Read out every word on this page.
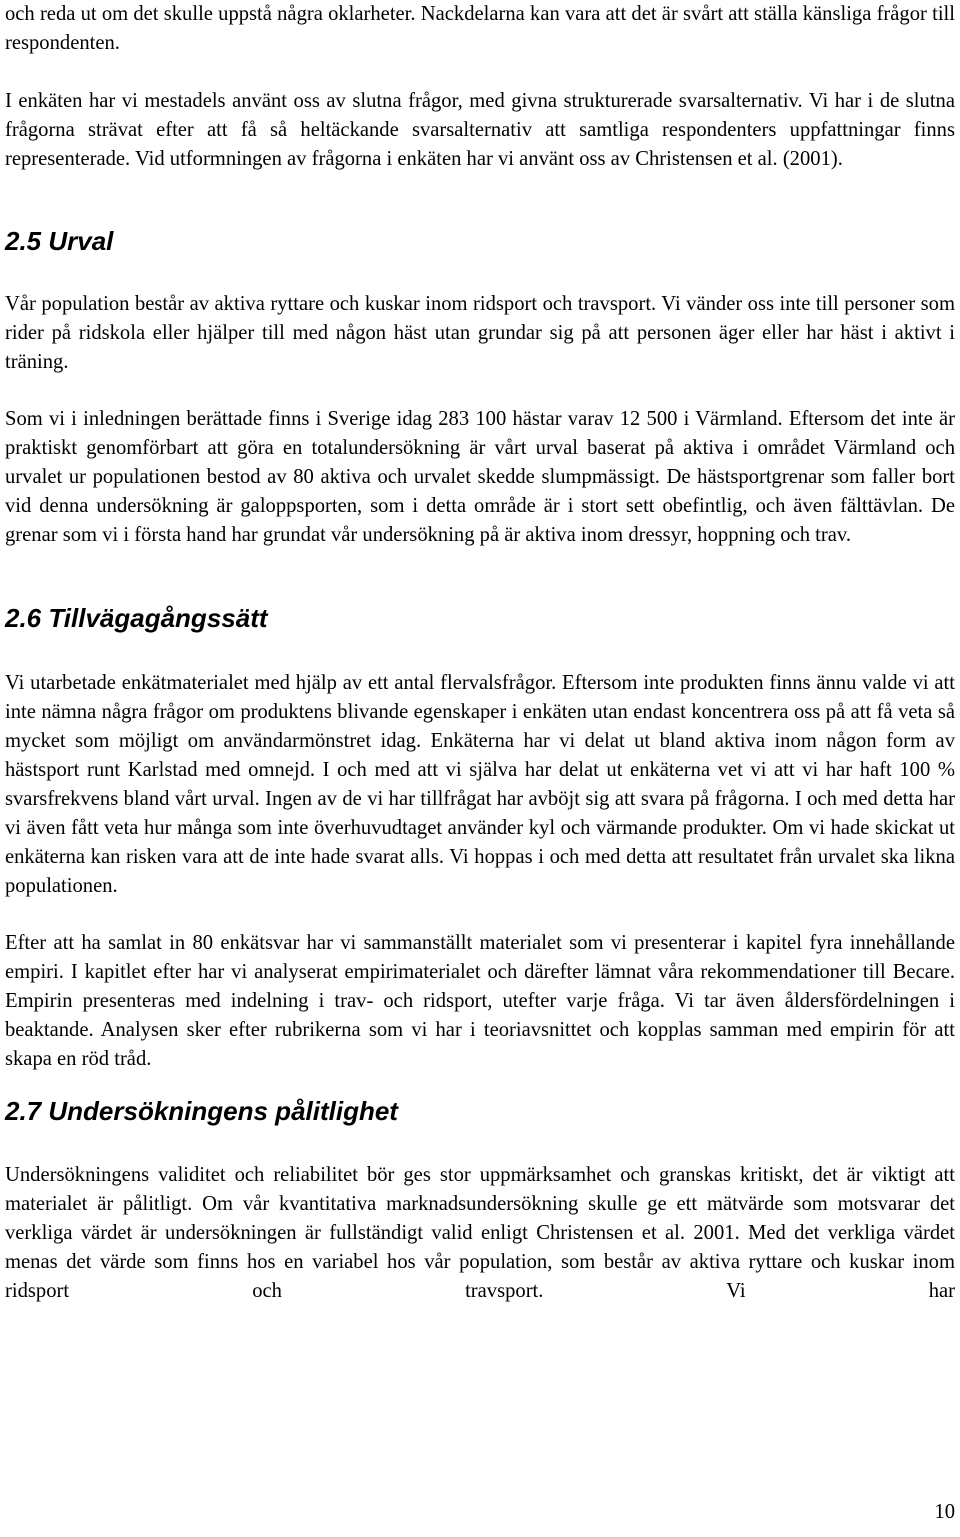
och reda ut om det skulle uppstå några oklarheter. Nackdelarna kan vara att det är svårt att ställa känsliga frågor till respondenten.

I enkäten har vi mestadels använt oss av slutna frågor, med givna strukturerade svarsalternativ. Vi har i de slutna frågorna strävat efter att få så heltäckande svarsalternativ att samtliga respondenters uppfattningar finns representerade. Vid utformningen av frågorna i enkäten har vi använt oss av Christensen et al. (2001).

2.5 Urval

Vår population består av aktiva ryttare och kuskar inom ridsport och travsport. Vi vänder oss inte till personer som rider på ridskola eller hjälper till med någon häst utan grundar sig på att personen äger eller har häst i aktivt i träning.

Som vi i inledningen berättade finns i Sverige idag 283 100 hästar varav 12 500 i Värmland. Eftersom det inte är praktiskt genomförbart att göra en totalundersökning är vårt urval baserat på aktiva i området Värmland och urvalet ur populationen bestod av 80 aktiva och urvalet skedde slumpmässigt. De hästsportgrenar som faller bort vid denna undersökning är galoppsporten, som i detta område är i stort sett obefintlig, och även fälttävlan. De grenar som vi i första hand har grundat vår undersökning på är aktiva inom dressyr, hoppning och trav.

2.6 Tillvägagångssätt

Vi utarbetade enkätmaterialet med hjälp av ett antal flervalsfrågor. Eftersom inte produkten finns ännu valde vi att inte nämna några frågor om produktens blivande egenskaper i enkäten utan endast koncentrera oss på att få veta så mycket som möjligt om användarmönstret idag. Enkäterna har vi delat ut bland aktiva inom någon form av hästsport runt Karlstad med omnejd. I och med att vi själva har delat ut enkäterna vet vi att vi har haft 100 % svarsfrekvens bland vårt urval. Ingen av de vi har tillfrågat har avböjt sig att svara på frågorna. I och med detta har vi även fått veta hur många som inte överhuvudtaget använder kyl och värmande produkter. Om vi hade skickat ut enkäterna kan risken vara att de inte hade svarat alls. Vi hoppas i och med detta att resultatet från urvalet ska likna populationen.

Efter att ha samlat in 80 enkätsvar har vi sammanställt materialet som vi presenterar i kapitel fyra innehållande empiri. I kapitlet efter har vi analyserat empirimaterialet och därefter lämnat våra rekommendationer till Becare. Empirin presenteras med indelning i trav- och ridsport, utefter varje fråga. Vi tar även åldersfördelningen i beaktande. Analysen sker efter rubrikerna som vi har i teoriavsnittet och kopplas samman med empirin för att skapa en röd tråd.

2.7 Undersökningens pålitlighet

Undersökningens validitet och reliabilitet bör ges stor uppmärksamhet och granskas kritiskt, det är viktigt att materialet är pålitligt. Om vår kvantitativa marknadsundersökning skulle ge ett mätvärde som motsvarar det verkliga värdet är undersökningen är fullständigt valid enligt Christensen et al. 2001. Med det verkliga värdet menas det värde som finns hos en variabel hos vår population, som består av aktiva ryttare och kuskar inom ridsport och travsport. Vi har

10
